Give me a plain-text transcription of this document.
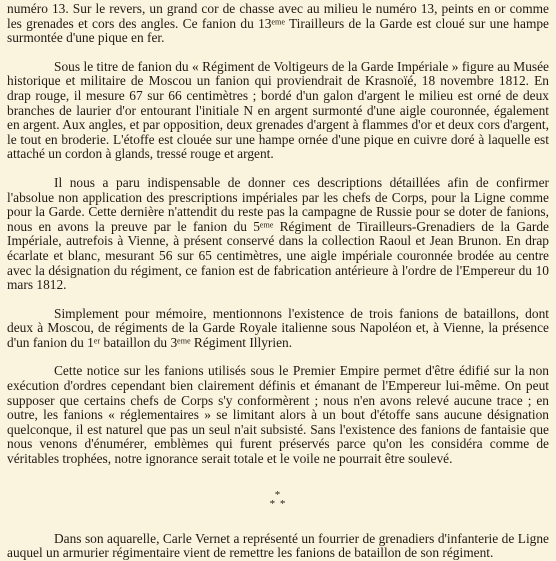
numéro 13. Sur le revers, un grand cor de chasse avec au milieu le numéro 13, peints en or comme les grenades et cors des angles. Ce fanion du 13ᵉᵐᵉ Tirailleurs de la Garde est cloué sur une hampe surmontée d'une pique en fer.

Sous le titre de fanion du « Régiment de Voltigeurs de la Garde Impériale » figure au Musée historique et militaire de Moscou un fanion qui proviendrait de Krasnoïé, 18 novembre 1812. En drap rouge, il mesure 67 sur 66 centimètres ; bordé d'un galon d'argent le milieu est orné de deux branches de laurier d'or entourant l'initiale N en argent surmonté d'une aigle couronnée, également en argent. Aux angles, et par opposition, deux grenades d'argent à flammes d'or et deux cors d'argent, le tout en broderie. L'étoffe est clouée sur une hampe ornée d'une pique en cuivre doré à laquelle est attaché un cordon à glands, tressé rouge et argent.

Il nous a paru indispensable de donner ces descriptions détaillées afin de confirmer l'absolue non application des prescriptions impériales par les chefs de Corps, pour la Ligne comme pour la Garde. Cette dernière n'attendit du reste pas la campagne de Russie pour se doter de fanions, nous en avons la preuve par le fanion du 5ᵉᵐᵉ Régiment de Tirailleurs-Grenadiers de la Garde Impériale, autrefois à Vienne, à présent conservé dans la collection Raoul et Jean Brunon. En drap écarlate et blanc, mesurant 56 sur 65 centimètres, une aigle impériale couronnée brodée au centre avec la désignation du régiment, ce fanion est de fabrication antérieure à l'ordre de l'Empereur du 10 mars 1812.

Simplement pour mémoire, mentionnons l'existence de trois fanions de bataillons, dont deux à Moscou, de régiments de la Garde Royale italienne sous Napoléon et, à Vienne, la présence d'un fanion du 1ᵉʳ bataillon du 3ᵉᵐᵉ Régiment Illyrien.

Cette notice sur les fanions utilisés sous le Premier Empire permet d'être édifié sur la non exécution d'ordres cependant bien clairement définis et émanant de l'Empereur lui-même. On peut supposer que certains chefs de Corps s'y conformèrent ; nous n'en avons relevé aucune trace ; en outre, les fanions « réglementaires » se limitant alors à un bout d'étoffe sans aucune désignation quelconque, il est naturel que pas un seul n'ait subsisté. Sans l'existence des fanions de fantaisie que nous venons d'énumérer, emblèmes qui furent préservés parce qu'on les considéra comme de véritables trophées, notre ignorance serait totale et le voile ne pourrait être soulevé.

*
* *

Dans son aquarelle, Carle Vernet a représenté un fourrier de grenadiers d'infanterie de Ligne auquel un armurier régimentaire vient de remettre les fanions de bataillon de son régiment.
